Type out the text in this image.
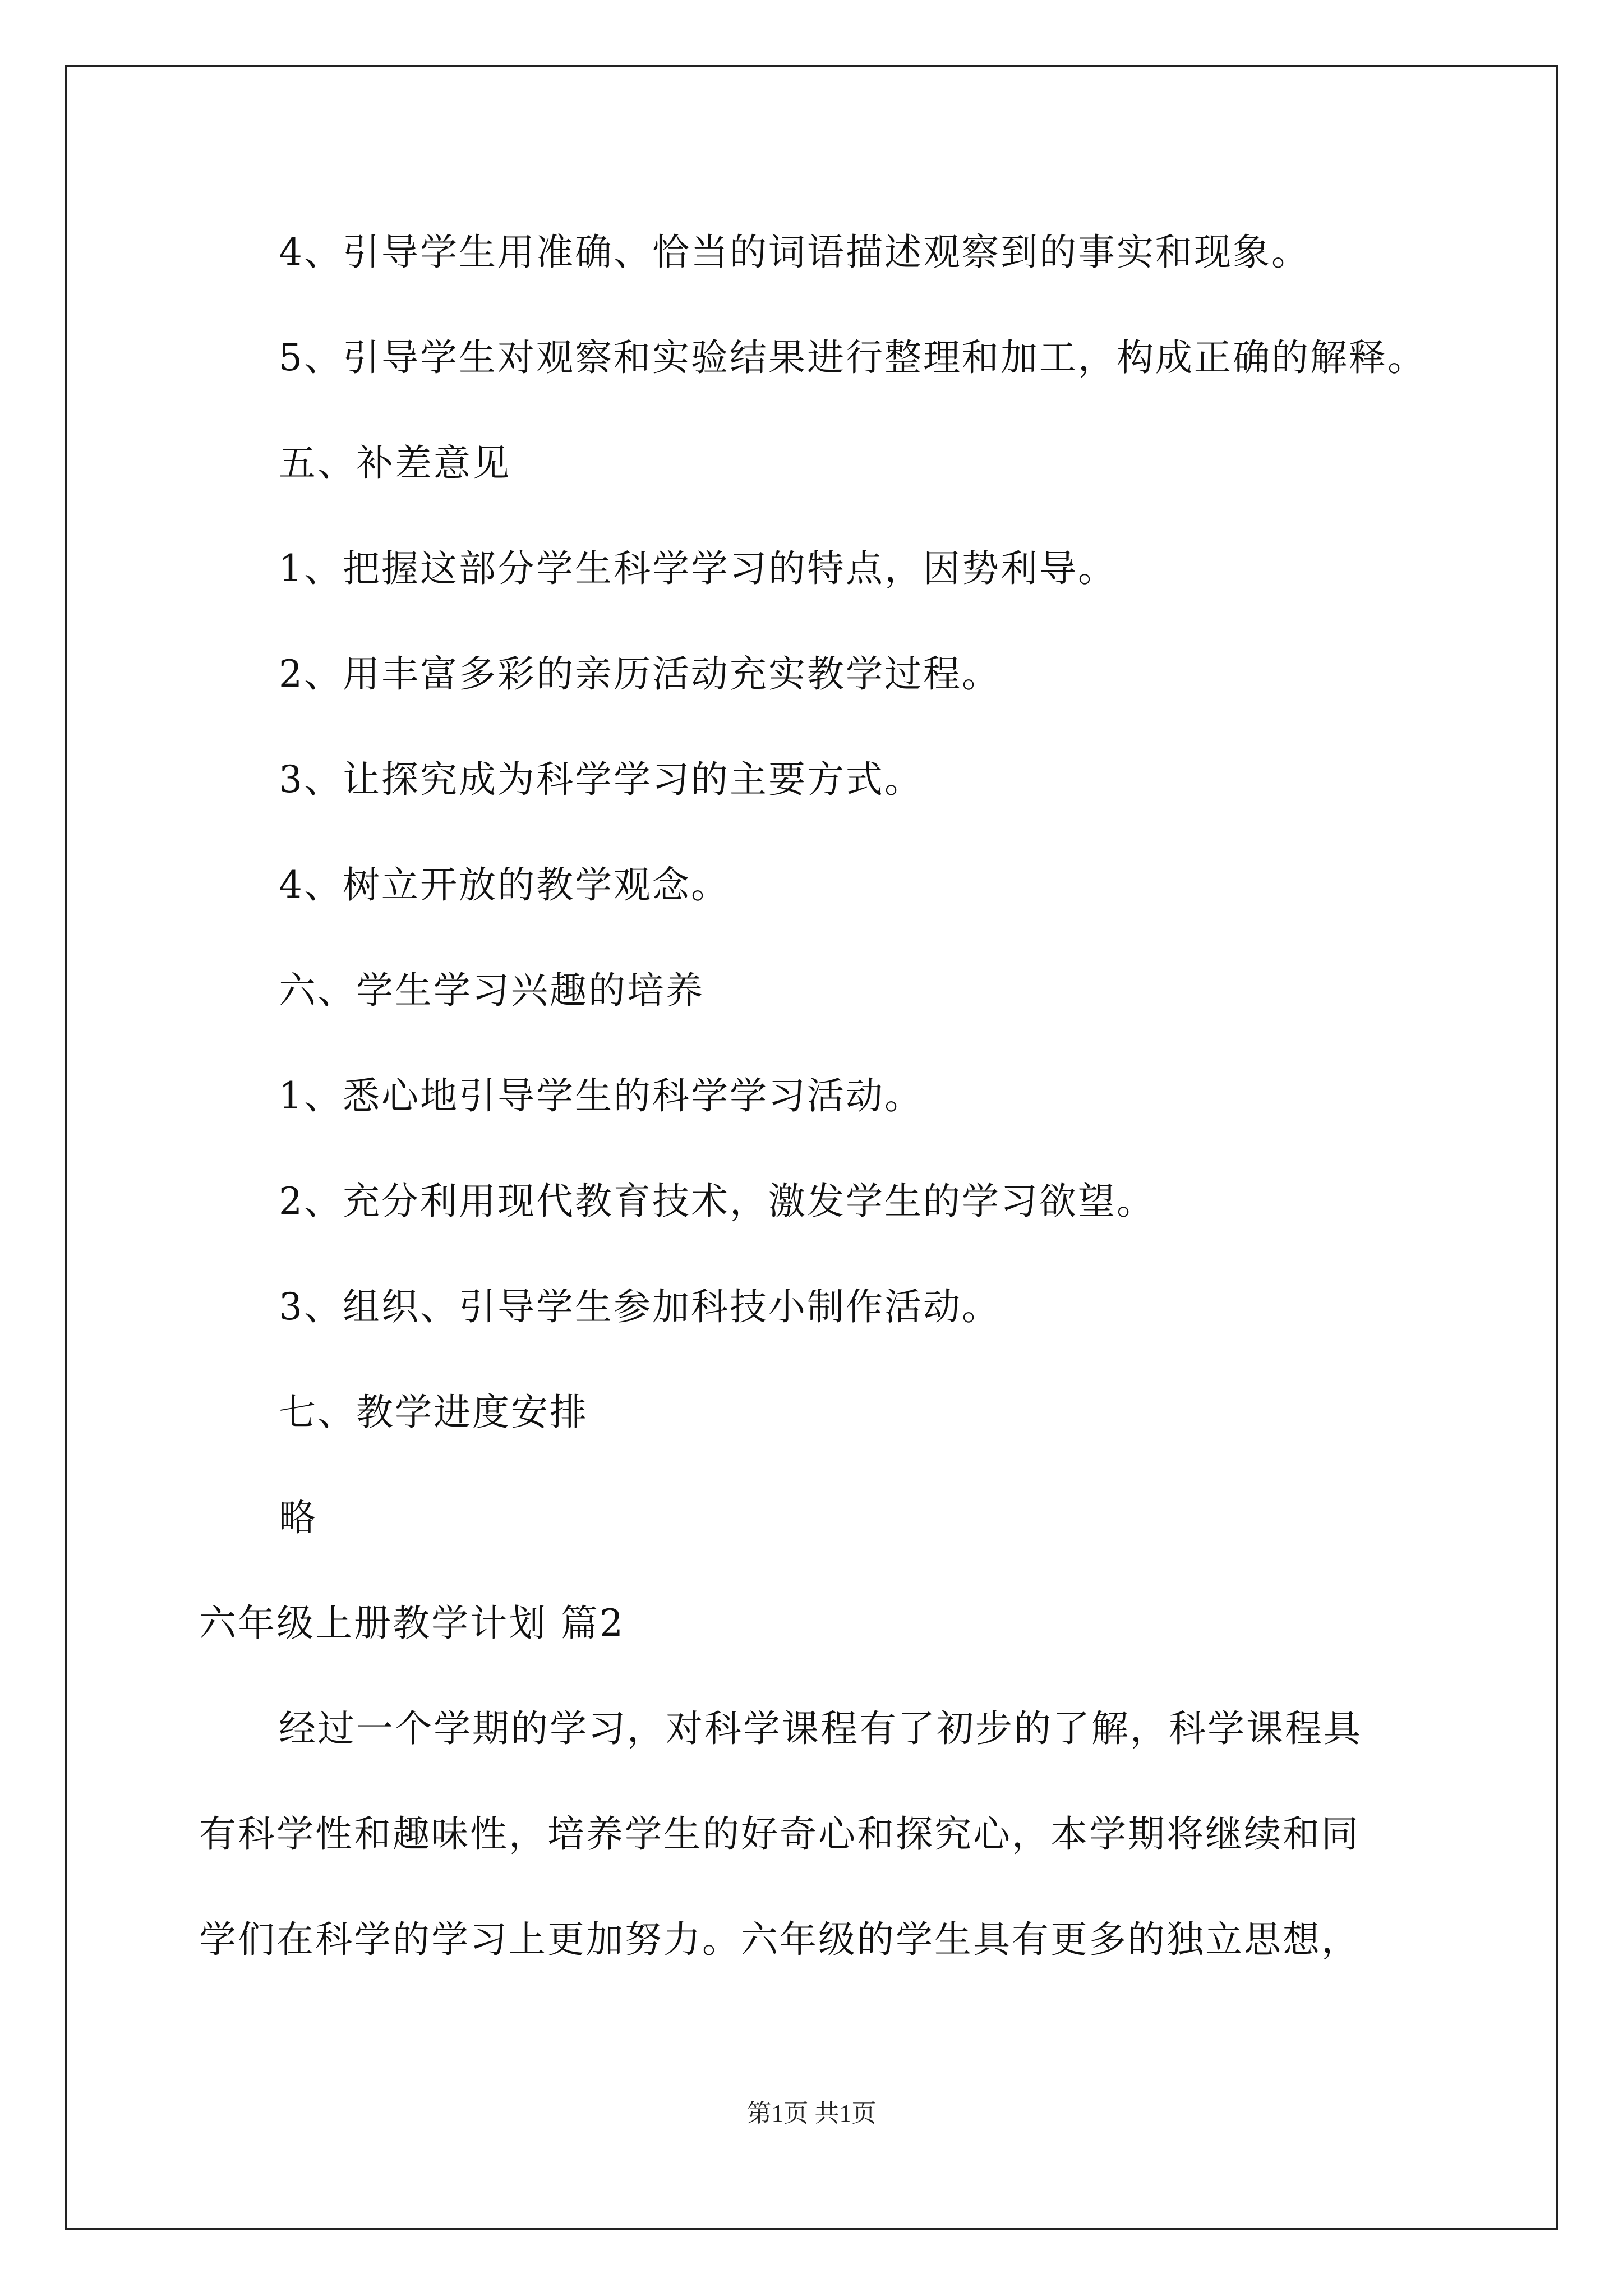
4、引导学生用准确、恰当的词语描述观察到的事实和现象。
5、引导学生对观察和实验结果进行整理和加工，构成正确的解释。
五、补差意见
1、把握这部分学生科学学习的特点，因势利导。
2、用丰富多彩的亲历活动充实教学过程。
3、让探究成为科学学习的主要方式。
4、树立开放的教学观念。
六、学生学习兴趣的培养
1、悉心地引导学生的科学学习活动。
2、充分利用现代教育技术，激发学生的学习欲望。
3、组织、引导学生参加科技小制作活动。
七、教学进度安排
略
六年级上册教学计划 篇2
经过一个学期的学习，对科学课程有了初步的了解，科学课程具
有科学性和趣味性，培养学生的好奇心和探究心，本学期将继续和同
学们在科学的学习上更加努力。六年级的学生具有更多的独立思想，
第1页 共1页
